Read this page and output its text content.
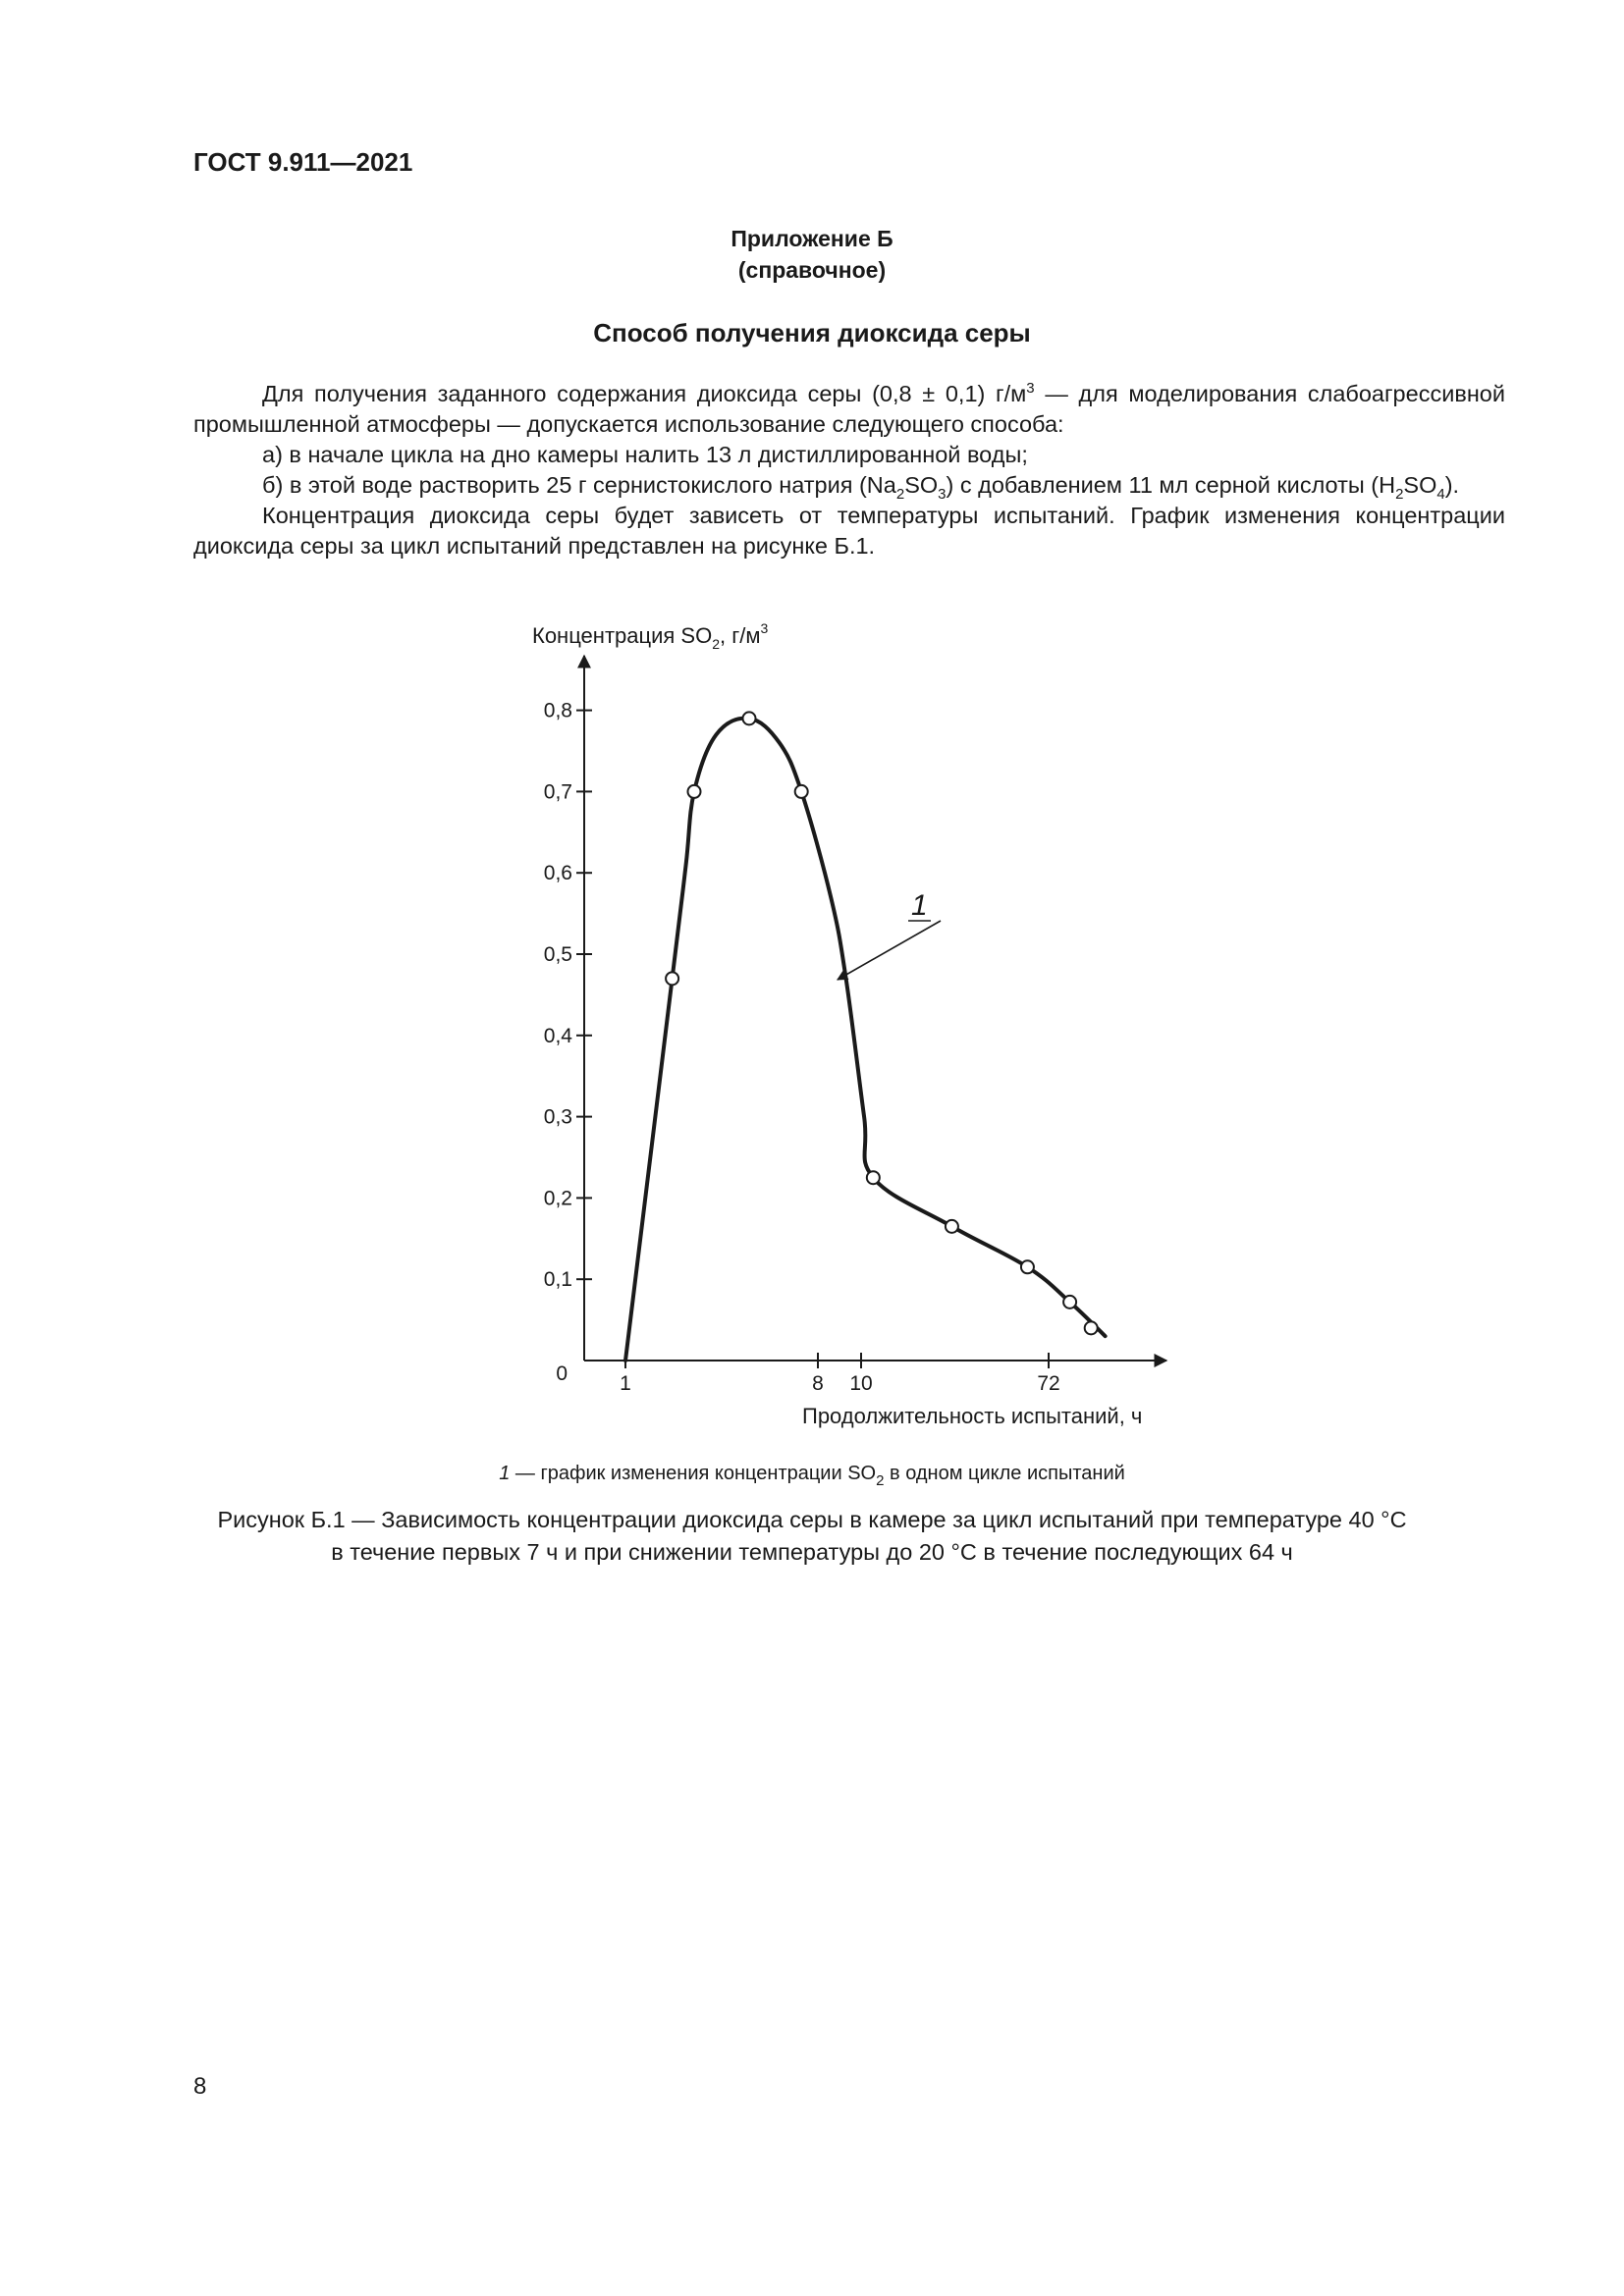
ГОСТ 9.911—2021
Приложение Б
(справочное)
Способ получения диоксида серы

Для получения заданного содержания диоксида серы (0,8 ± 0,1) $г/м^3$ — для моделирования слабоагрессивной промышленной атмосферы — допускается использование следующего способа:

а) в начале цикла на дно камеры налить 13 л дистиллированной воды;

б) в этой воде растворить 25 г сернистокислого натрия $(Na_2SO_3)$ с добавлением 11 мл серной кислоты $(H_2SO_4)$.

Концентрация диоксида серы будет зависеть от температуры испытаний. График изменения концентрации диоксида серы за цикл испытаний представлен на рисунке Б.1.

Концентрация $SO_2$, $г/м^3$
0
0,1
0,2
0,3
0,4
0,5
0,6
0,7
0,8
1	8 10	72
1
Продолжительность испытаний, ч
1 — график изменения концентрации $SO_2$ в одном цикле испытаний
Рисунок Б.1 — Зависимость концентрации диоксида серы в камере за цикл испытаний при температуре 40 °С
в течение первых 7 ч и при снижении температуры до 20 °С в течение последующих 64 ч
8
